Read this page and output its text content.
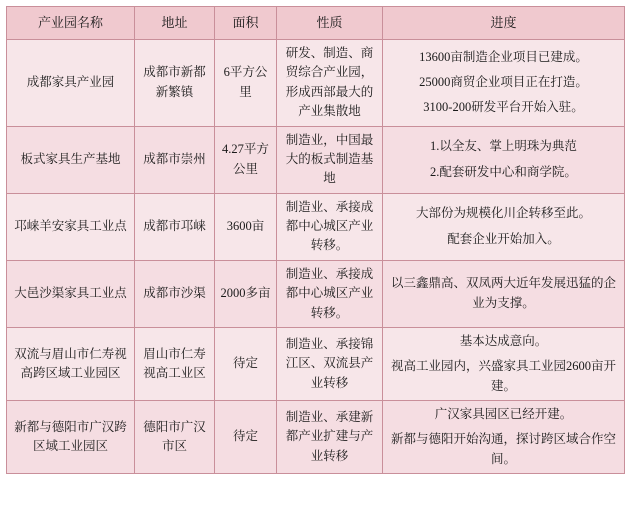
产业园名称	地址	面积	性质	进度
成都家具产业园	成都市新都新繁镇	6平方公里	研发、制造、商贸综合产业园，形成西部最大的产业集散地	13600亩制造企业项目已建成。
25000商贸企业项目正在打造。
3100-200研发平台开始入驻。

板式家具生产基地	成都市崇州	4.27平方公里	制造业，中国最大的板式制造基地	1.以全友、掌上明珠为典范
2.配套研发中心和商学院。

邛崃羊安家具工业点	成都市邛崃	3600亩	制造业、承接成都中心城区产业转移。	大部份为规模化川企转移至此。
配套企业开始加入。

大邑沙渠家具工业点	成都市沙渠	2000多亩	制造业、承接成都中心城区产业转移。	以三鑫鼎高、双凤两大近年发展迅猛的企业为支撑。

双流与眉山市仁寿视高跨区域工业园区	眉山市仁寿视高工业区	待定	制造业、承接锦江区、双流县产业转移	基本达成意向。
视高工业园内，兴盛家具工业园2600亩开建。

新都与德阳市广汉跨区域工业园区	德阳市广汉市区	待定	制造业、承建新都产业扩建与产业转移	广汉家具园区已经开建。
新都与德阳开始沟通，探讨跨区域合作空间。
